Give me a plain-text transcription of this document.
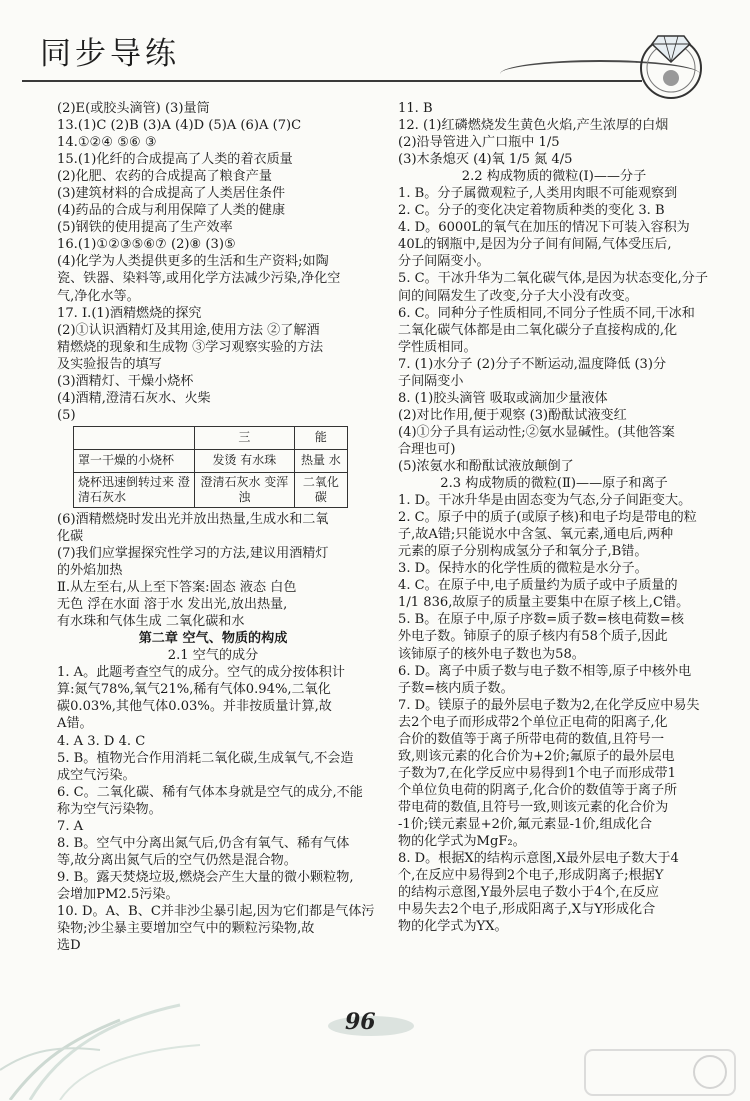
同步导练
(2)E(或胶头滴管) (3)量筒
13.(1)C (2)B (3)A (4)D (5)A (6)A (7)C
14.①②④ ⑤⑥ ③
15.(1)化纤的合成提高了人类的着衣质量
(2)化肥、农药的合成提高了粮食产量
(3)建筑材料的合成提高了人类居住条件
(4)药品的合成与利用保障了人类的健康
(5)钢铁的使用提高了生产效率
16.(1)①②③⑤⑥⑦ (2)⑧ (3)⑤
(4)化学为人类提供更多的生活和生产资料;如陶
瓷、铁器、染料等,或用化学方法减少污染,净化空
气,净化水等。
17. Ⅰ.(1)酒精燃烧的探究
(2)①认识酒精灯及其用途,使用方法 ②了解酒
精燃烧的现象和生成物 ③学习观察实验的方法
及实验报告的填写
(3)酒精灯、干燥小烧杯
(4)酒精,澄清石灰水、火柴
(5)
	三	能
罩一干燥的小烧杯	发烫 有水珠	热量 水
烧杯迅速倒转过来 澄清石灰水	澄清石灰水 变浑浊	二氧化碳
(6)酒精燃烧时发出光并放出热量,生成水和二氧
化碳
(7)我们应掌握探究性学习的方法,建议用酒精灯
的外焰加热
Ⅱ.从左至右,从上至下答案:固态 液态 白色
无色 浮在水面 溶于水 发出光,放出热量,
有水珠和气体生成 二氧化碳和水
第二章 空气、物质的构成
2.1 空气的成分
1. A。此题考查空气的成分。空气的成分按体积计
算:氮气78%,氧气21%,稀有气体0.94%,二氧化
碳0.03%,其他气体0.03%。并非按质量计算,故
A错。
4. A 3. D 4. C
5. B。植物光合作用消耗二氧化碳,生成氧气,不会造
成空气污染。
6. C。二氧化碳、稀有气体本身就是空气的成分,不能
称为空气污染物。
7. A
8. B。空气中分离出氮气后,仍含有氧气、稀有气体
等,故分离出氮气后的空气仍然是混合物。
9. B。露天焚烧垃圾,燃烧会产生大量的微小颗粒物,
会增加PM2.5污染。
10. D。A、B、C并非沙尘暴引起,因为它们都是气体污
染物;沙尘暴主要增加空气中的颗粒污染物,故
选D
11. B
12. (1)红磷燃烧发生黄色火焰,产生浓厚的白烟
(2)沿导管进入广口瓶中 1/5
(3)木条熄灭 (4)氧 1/5 氮 4/5
2.2 构成物质的微粒(Ⅰ)——分子
1. B。分子属微观粒子,人类用肉眼不可能观察到
2. C。分子的变化决定着物质种类的变化 3. B
4. D。6000L的氧气在加压的情况下可装入容积为
40L的钢瓶中,是因为分子间有间隔,气体受压后,
分子间隔变小。
5. C。干冰升华为二氧化碳气体,是因为状态变化,分子
间的间隔发生了改变,分子大小没有改变。
6. C。同种分子性质相同,不同分子性质不同,干冰和
二氧化碳气体都是由二氧化碳分子直接构成的,化
学性质相同。
7. (1)水分子 (2)分子不断运动,温度降低 (3)分
子间隔变小
8. (1)胶头滴管 吸取或滴加少量液体
(2)对比作用,便于观察 (3)酚酞试液变红
(4)①分子具有运动性;②氨水显碱性。(其他答案
合理也可)
(5)浓氨水和酚酞试液放颠倒了
2.3 构成物质的微粒(Ⅱ)——原子和离子
1. D。干冰升华是由固态变为气态,分子间距变大。
2. C。原子中的质子(或原子核)和电子均是带电的粒
子,故A错;只能说水中含氢、氧元素,通电后,两种
元素的原子分别构成氢分子和氧分子,B错。
3. D。保持水的化学性质的微粒是水分子。
4. C。在原子中,电子质量约为质子或中子质量的
1/1 836,故原子的质量主要集中在原子核上,C错。
5. B。在原子中,原子序数=质子数=核电荷数=核
外电子数。铈原子的原子核内有58个质子,因此
该铈原子的核外电子数也为58。
6. D。离子中质子数与电子数不相等,原子中核外电
子数=核内质子数。
7. D。镁原子的最外层电子数为2,在化学反应中易失
去2个电子而形成带2个单位正电荷的阳离子,化
合价的数值等于离子所带电荷的数值,且符号一
致,则该元素的化合价为+2价;氟原子的最外层电
子数为7,在化学反应中易得到1个电子而形成带1
个单位负电荷的阴离子,化合价的数值等于离子所
带电荷的数值,且符号一致,则该元素的化合价为
-1价;镁元素显+2价,氟元素显-1价,组成化合
物的化学式为MgF₂。
8. D。根据X的结构示意图,X最外层电子数大于4
个,在反应中易得到2个电子,形成阴离子;根据Y
的结构示意图,Y最外层电子数小于4个,在反应
中易失去2个电子,形成阳离子,X与Y形成化合
物的化学式为YX。
96
